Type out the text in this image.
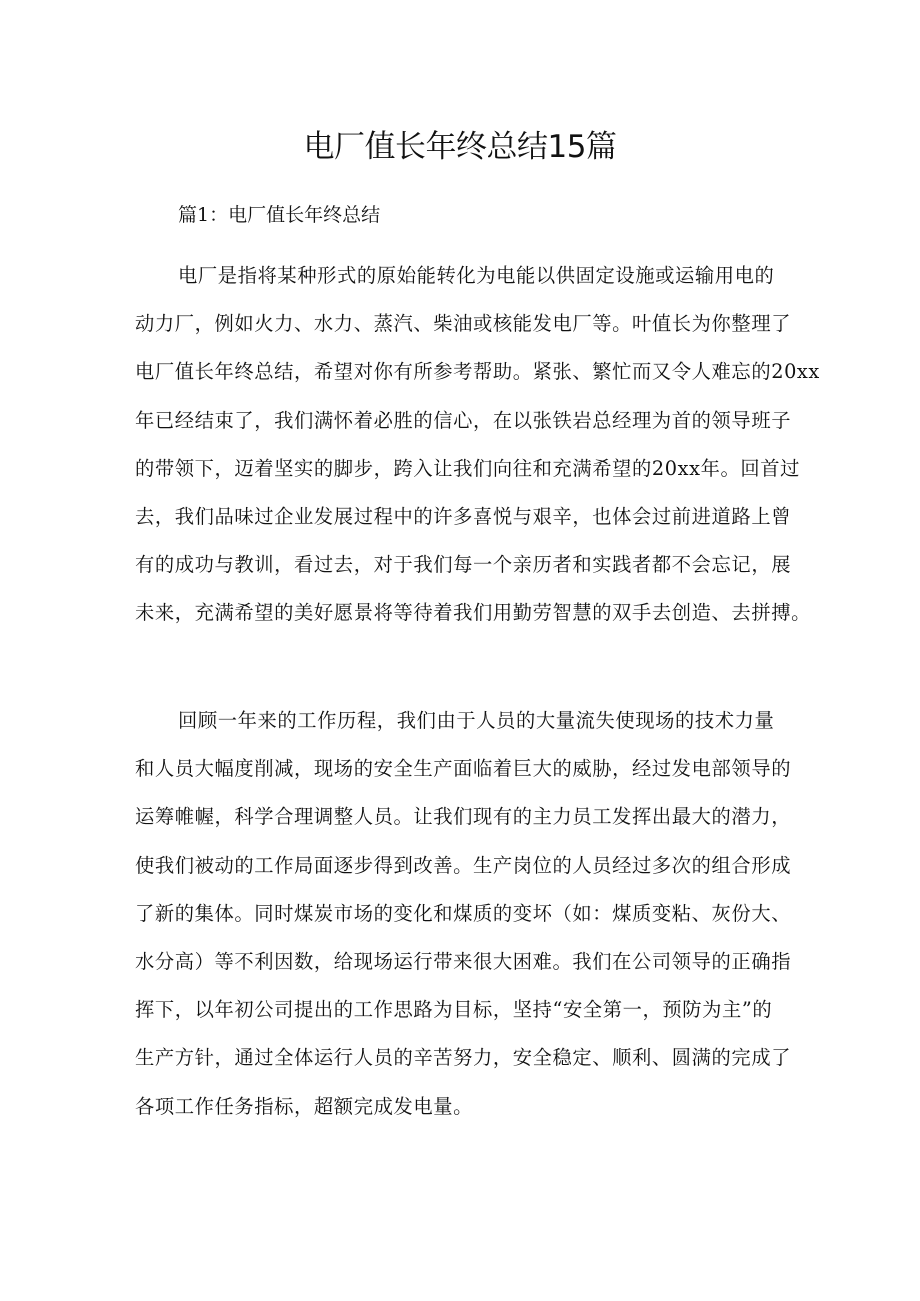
电厂值长年终总结15篇

篇1：电厂值长年终总结

电厂是指将某种形式的原始能转化为电能以供固定设施或运输用电的
动力厂，例如火力、水力、蒸汽、柴油或核能发电厂等。叶值长为你整理了
电厂值长年终总结，希望对你有所参考帮助。紧张、繁忙而又令人难忘的20xx
年已经结束了，我们满怀着必胜的信心，在以张铁岩总经理为首的领导班子
的带领下，迈着坚实的脚步，跨入让我们向往和充满希望的20xx年。回首过
去，我们品味过企业发展过程中的许多喜悦与艰辛，也体会过前进道路上曾
有的成功与教训，看过去，对于我们每一个亲历者和实践者都不会忘记，展
未来，充满希望的美好愿景将等待着我们用勤劳智慧的双手去创造、去拼搏。
回顾一年来的工作历程，我们由于人员的大量流失使现场的技术力量
和人员大幅度削减，现场的安全生产面临着巨大的威胁，经过发电部领导的
运筹帷幄，科学合理调整人员。让我们现有的主力员工发挥出最大的潜力，
使我们被动的工作局面逐步得到改善。生产岗位的人员经过多次的组合形成
了新的集体。同时煤炭市场的变化和煤质的变坏（如：煤质变粘、灰份大、
水分高）等不利因数，给现场运行带来很大困难。我们在公司领导的正确指
挥下，以年初公司提出的工作思路为目标，坚持“安全第一，预防为主”的
生产方针，通过全体运行人员的辛苦努力，安全稳定、顺利、圆满的完成了
各项工作任务指标，超额完成发电量。
